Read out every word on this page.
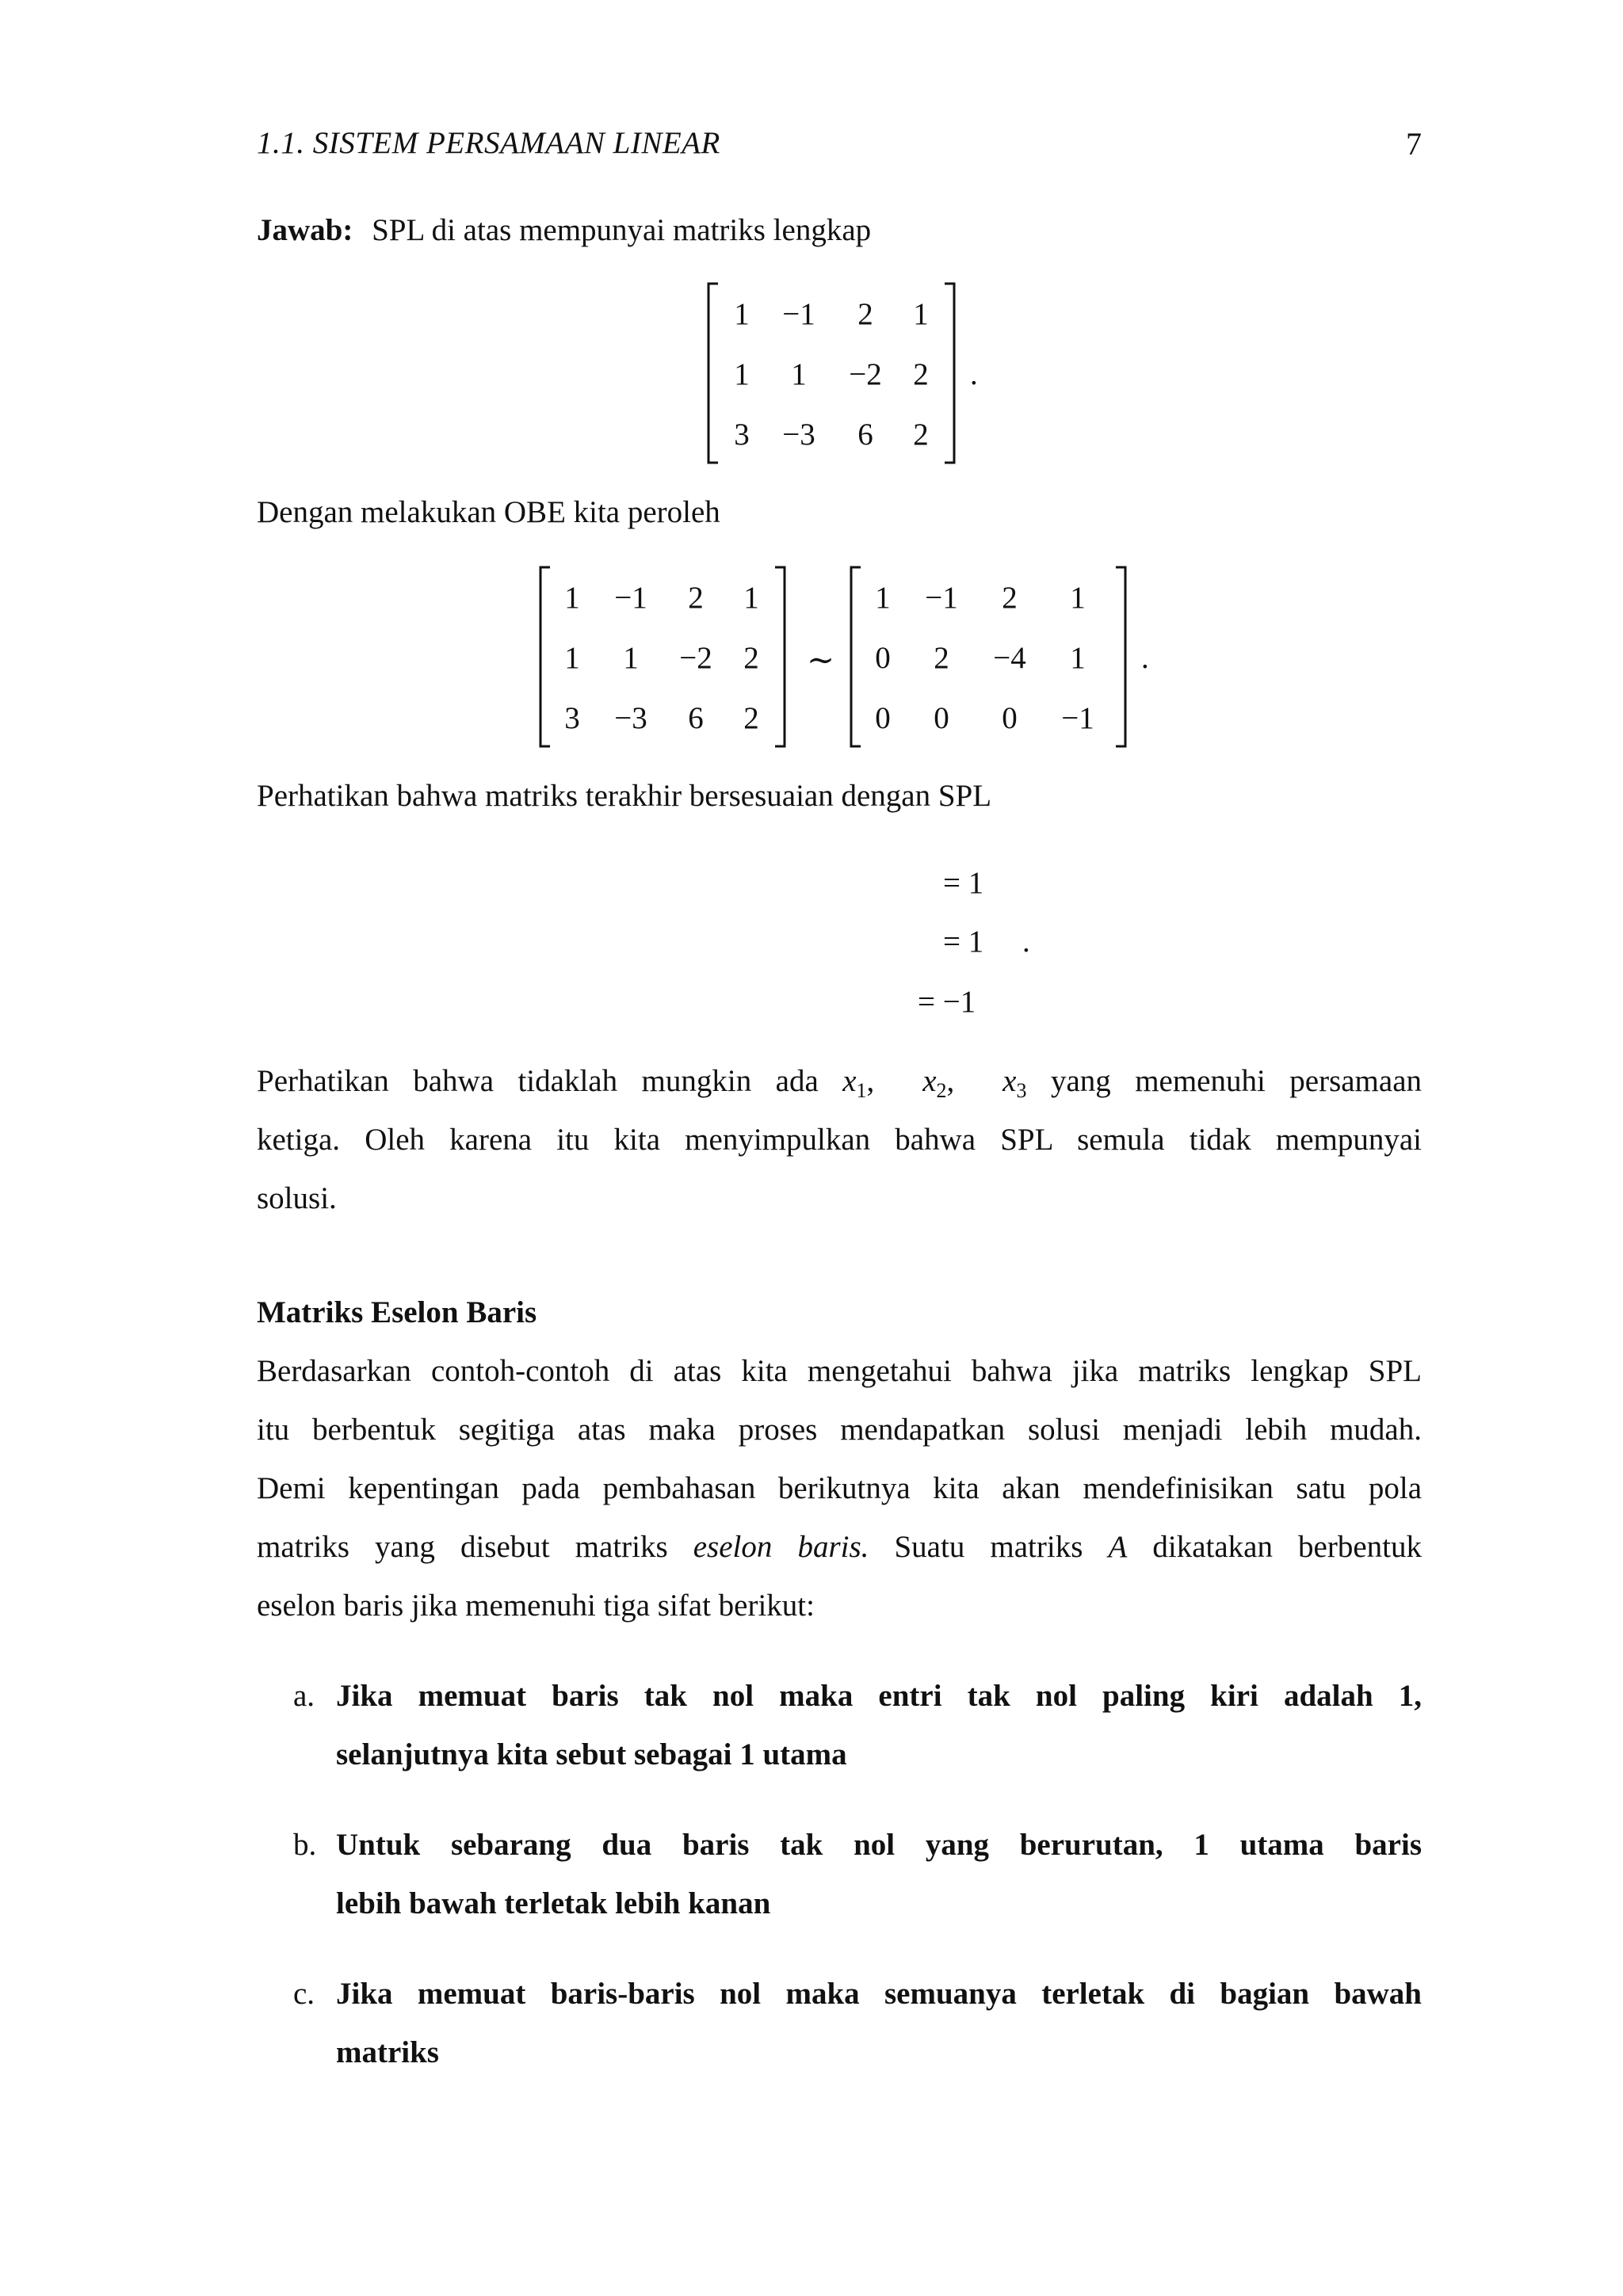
1.1. SISTEM PERSAMAAN LINEAR	7
Jawab: SPL di atas mempunyai matriks lengkap
1	−1	2	1
1	1	−2	2
3	−3	6	2
.
Dengan melakukan OBE kita peroleh
1	−1	2	1
1	1	−2	2
3	−3	6	2
∼
1	−1	2	1
0	2	−4	1
0	0	0	−1
.
Perhatikan bahwa matriks terakhir bersesuaian dengan SPL
= 1
= 1
= −1
.
Perhatikan bahwa tidaklah mungkin ada $x_1$,  $x_2$,  $x_3$ yang memenuhi persamaan
ketiga. Oleh karena itu kita menyimpulkan bahwa SPL semula tidak mempunyai
solusi.
Matriks Eselon Baris
Berdasarkan contoh-contoh di atas kita mengetahui bahwa jika matriks lengkap SPL
itu berbentuk segitiga atas maka proses mendapatkan solusi menjadi lebih mudah.
Demi kepentingan pada pembahasan berikutnya kita akan mendefinisikan satu pola
matriks yang disebut matriks eselon baris. Suatu matriks A dikatakan berbentuk
eselon baris jika memenuhi tiga sifat berikut:
a. Jika memuat baris tak nol maka entri tak nol paling kiri adalah 1,
selanjutnya kita sebut sebagai 1 utama
b. Untuk sebarang dua baris tak nol yang berurutan, 1 utama baris
lebih bawah terletak lebih kanan
c. Jika memuat baris-baris nol maka semuanya terletak di bagian bawah
matriks
